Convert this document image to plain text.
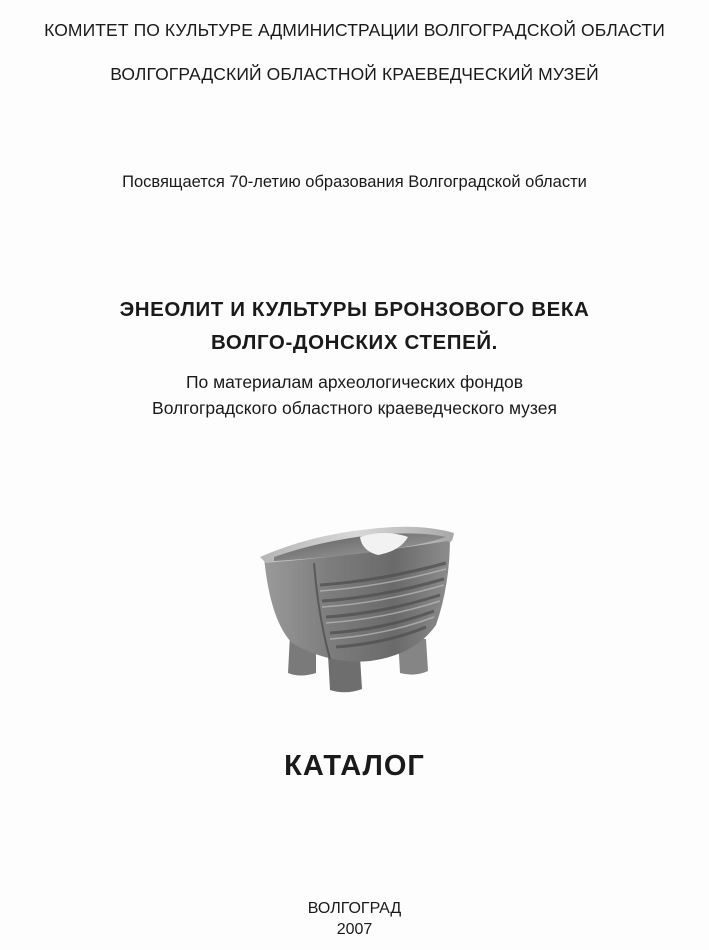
КОМИТЕТ ПО КУЛЬТУРЕ АДМИНИСТРАЦИИ ВОЛГОГРАДСКОЙ ОБЛАСТИ
ВОЛГОГРАДСКИЙ ОБЛАСТНОЙ КРАЕВЕДЧЕСКИЙ МУЗЕЙ
Посвящается 70-летию образования Волгоградской области
ЭНЕОЛИТ И КУЛЬТУРЫ БРОНЗОВОГО ВЕКА
ВОЛГО-ДОНСКИХ СТЕПЕЙ.
По материалам археологических фондов
Волгоградского областного краеведческого музея
КАТАЛОГ
ВОЛГОГРАД
2007
